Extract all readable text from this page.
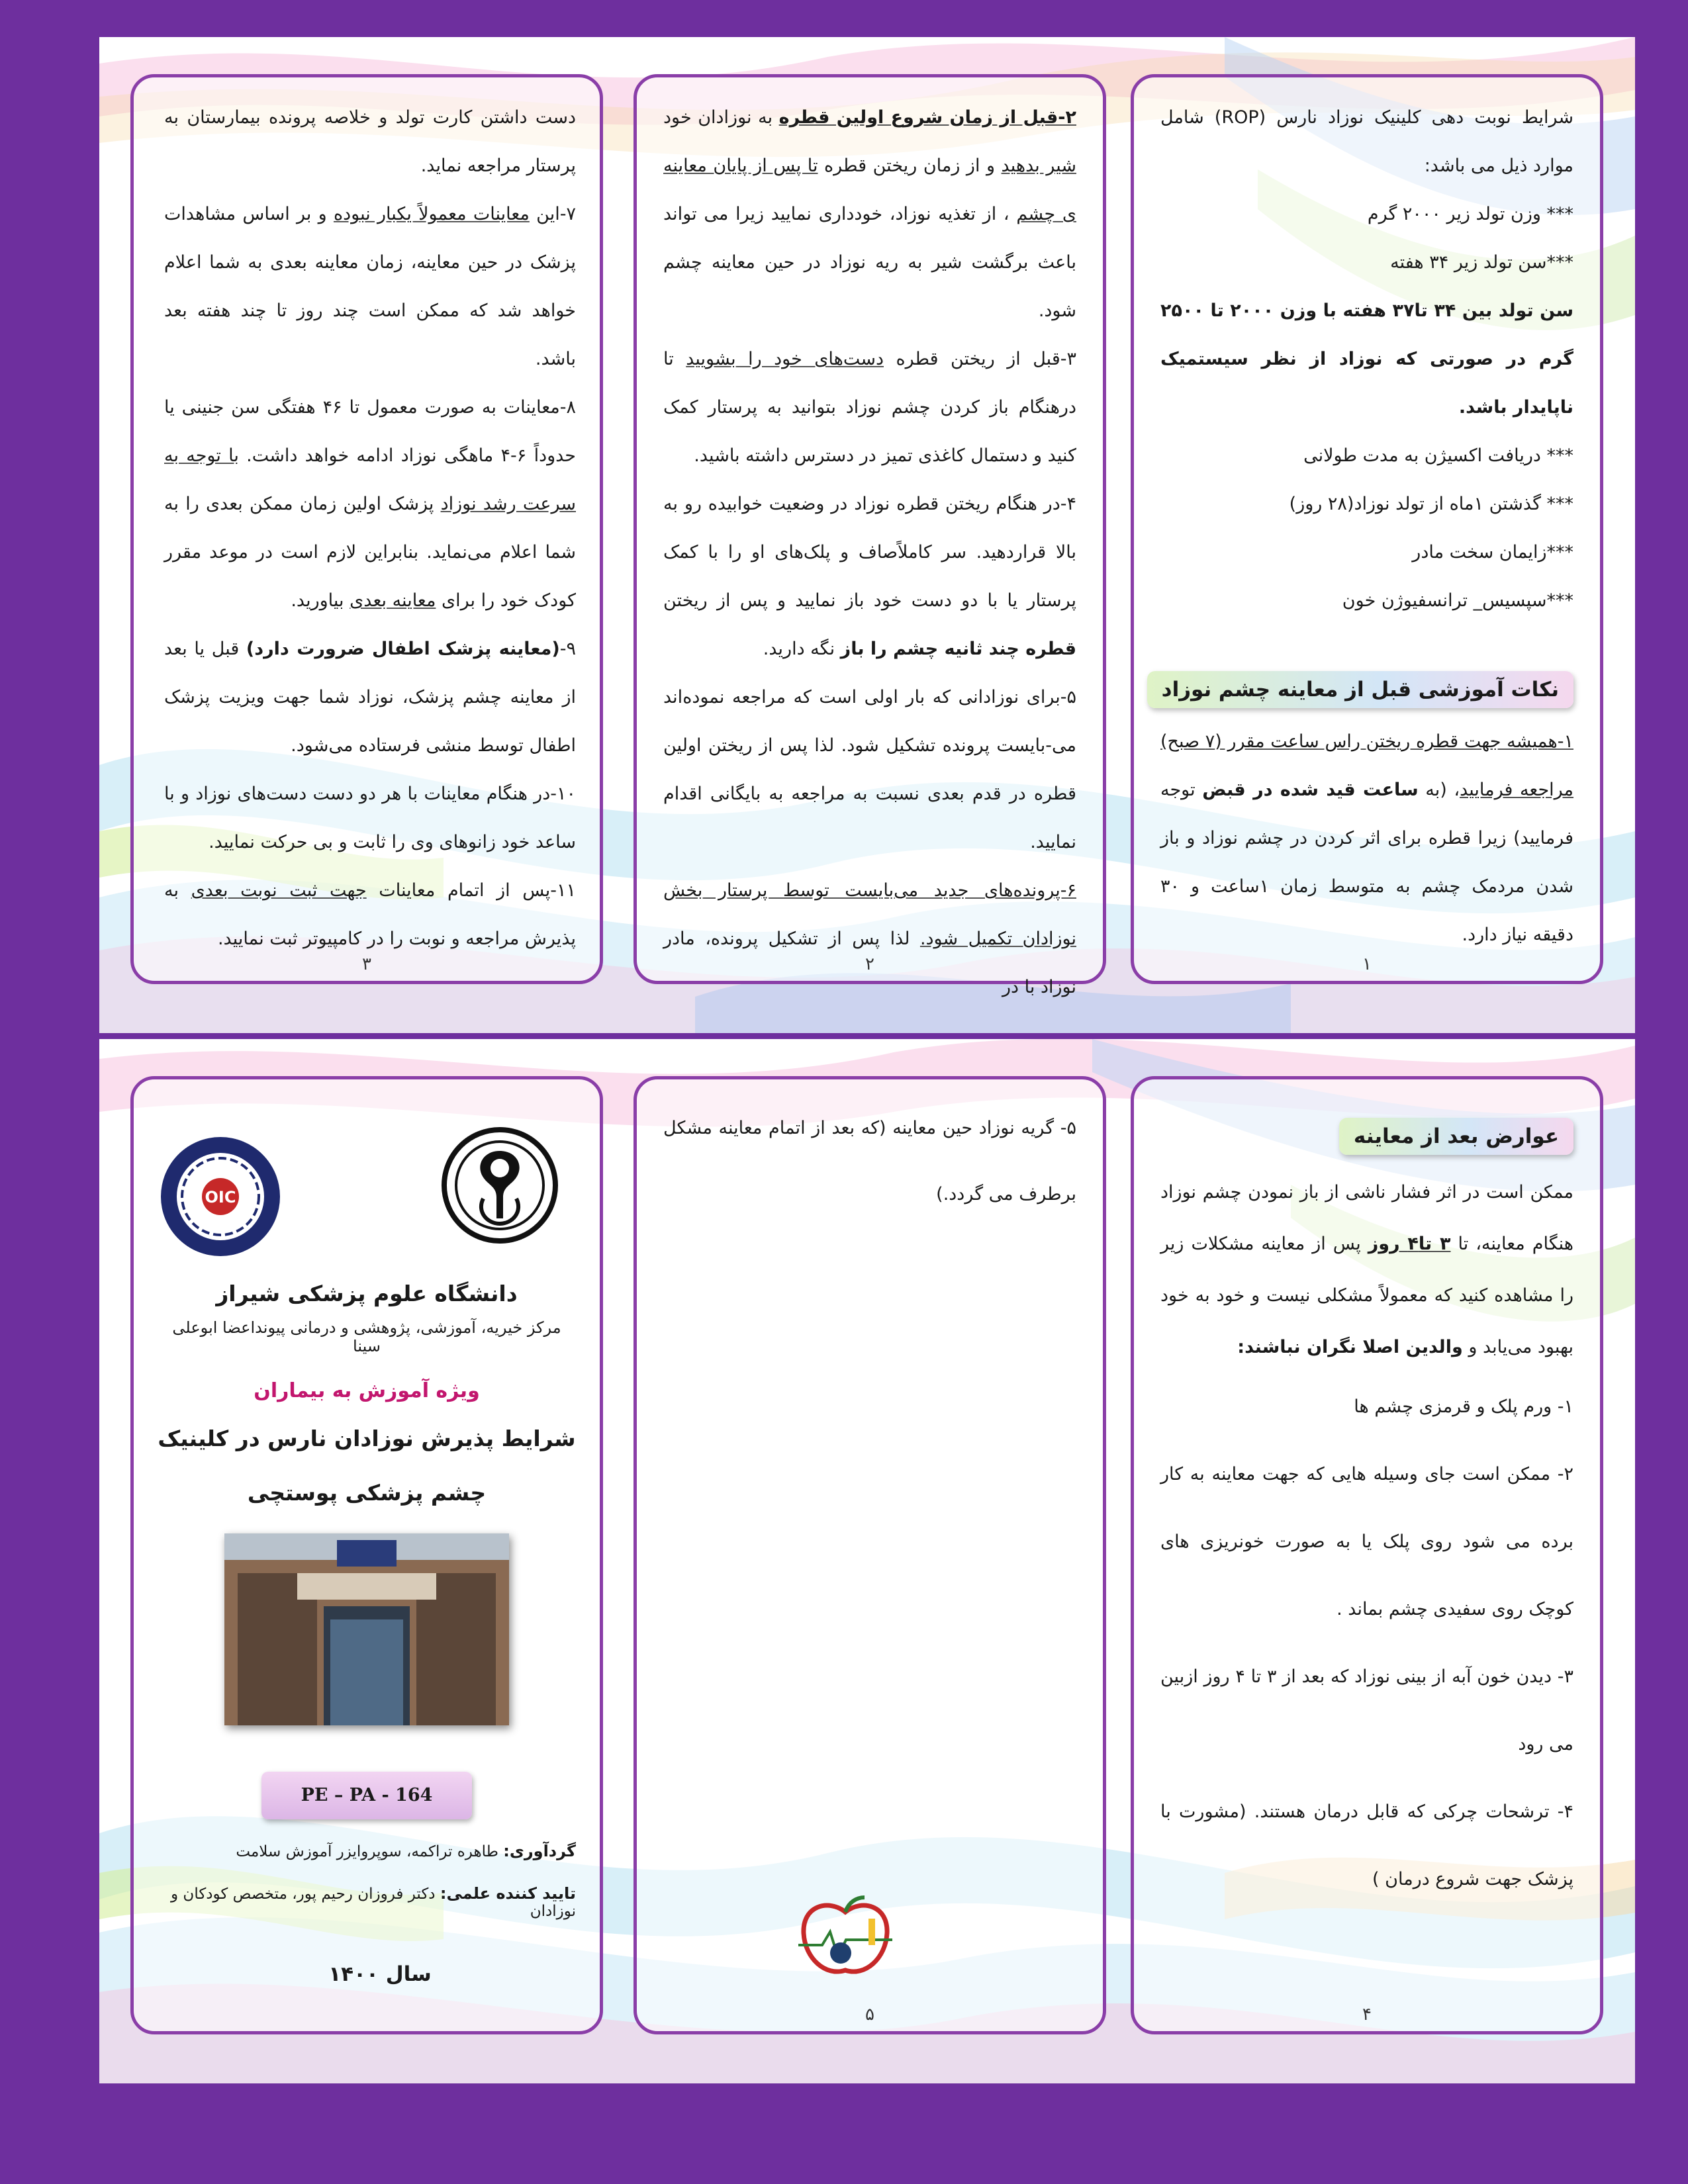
دست داشتن کارت تولد و خلاصه پرونده بیمارستان به پرستار مراجعه نماید.

۷-این معاینات معمولاً یکبار نبوده و بر اساس مشاهدات پزشک در حین معاینه، زمان معاینه بعدی به شما اعلام خواهد شد که ممکن است چند روز تا چند هفته بعد باشد.

۸-معاینات به صورت معمول تا ۴۶ هفتگی سن جنینی یا حدوداً ۶-۴ ماهگی نوزاد ادامه خواهد داشت. با توجه به سرعت رشد نوزاد پزشک اولین زمان ممکن بعدی را به شما اعلام می‌نماید. بنابراین لازم است در موعد مقرر کودک خود را برای معاینه بعدی بیاورید.

۹-(معاینه پزشک اطفال ضرورت دارد) قبل یا بعد از معاینه چشم پزشک، نوزاد شما جهت ویزیت پزشک اطفال توسط منشی فرستاده می‌شود.

۱۰-در هنگام معاینات با هر دو دست دست‌های نوزاد و با ساعد خود زانوهای وی را ثابت و بی حرکت نمایید.

۱۱-پس از اتمام معاینات جهت ثبت نوبت بعدی به پذیرش مراجعه و نوبت را در کامپیوتر ثبت نمایید.

۳

۲-قبل از زمان شروع اولین قطره به نوزادان خود شیر بدهید و از زمان ریختن قطره تا پس از پایان معاینه ی چشم ، از تغذیه نوزاد، خودداری نمایید زیرا می تواند باعث برگشت شیر به ریه نوزاد در حین معاینه چشم شود.

۳-قبل از ریختن قطره دست‌های خود را بشویید تا درهنگام باز کردن چشم نوزاد بتوانید به پرستار کمک کنید و دستمال کاغذی تمیز در دسترس داشته باشید.

۴-در هنگام ریختن قطره نوزاد در وضعیت خوابیده رو به بالا قراردهید. سر کاملاًصاف و پلک‌های او را با کمک پرستار یا با دو دست خود باز نمایید و پس از ریختن قطره چند ثانیه چشم را باز نگه دارید.

۵-برای نوزادانی که بار اولی است که مراجعه نموده‌اند می‌-بایست پرونده تشکیل شود. لذا پس از ریختن اولین قطره در قدم بعدی نسبت به مراجعه به بایگانی اقدام نمایید.

۶-پرونده‌های جدید می‌بایست توسط پرستار بخش نوزادان تکمیل شود. لذا پس از تشکیل پرونده، مادر نوزاد با در

۲

شرایط نوبت دهی کلینیک نوزاد نارس (ROP) شامل موارد ذیل می باشد:

*** وزن تولد زیر ۲۰۰۰ گرم

***سن تولد زیر ۳۴ هفته

سن تولد بین ۳۴ تا۳۷ هفته با وزن ۲۰۰۰ تا ۲۵۰۰ گرم در صورتی که نوزاد از نظر سیستمیک ناپایدار باشد.

*** دریافت اکسیژن به مدت طولانی

*** گذشتن ۱ماه از تولد نوزاد(۲۸ روز)

***زایمان سخت مادر

***سپسیس_ ترانسفیوژن خون

نکات آموزشی قبل از معاینه چشم نوزاد

۱-همیشه جهت قطره ریختن راس ساعت مقرر (۷ صبح) مراجعه فرمایید، (به ساعت قید شده در قبض توجه فرمایید) زیرا قطره برای اثر کردن در چشم نوزاد و باز شدن مردمک چشم به متوسط زمان ۱ساعت و ۳۰ دقیقه نیاز دارد.

۱
OIC
دانشگاه علوم پزشکی شیراز
مرکز خیریه، آموزشی، پژوهشی و درمانی پیونداعضا ابوعلی سینا
ویژه آموزش به بیماران
شرایط پذیرش نوزادان نارس در کلینیک
چشم پزشکی پوستچی
PE – PA - 164
گردآوری: طاهره تراکمه، سوپروایزر آموزش سلامت
تایید کننده علمی: دکتر فروزان رحیم پور، متخصص کودکان و نوزادان
سال ۱۴۰۰

۵- گریه نوزاد حین معاینه (که بعد از اتمام معاینه مشکل برطرف می گردد.)

۵
عوارض بعد از معاینه

ممکن است در اثر فشار ناشی از باز نمودن چشم نوزاد هنگام معاینه، تا ۳ تا۴ روز پس از معاینه مشکلات زیر را مشاهده کنید که معمولاً مشکلی نیست و خود به خود بهبود می‌یابد و والدین اصلا نگران نباشند:

۱- ورم پلک و قرمزی چشم ها

۲- ممکن است جای وسیله هایی که جهت معاینه به کار برده می شود روی پلک یا به صورت خونریزی های کوچک روی سفیدی چشم بماند .

۳- دیدن خون آبه از بینی نوزاد که بعد از ۳ تا ۴ روز ازبین می رود

۴- ترشحات چرکی که قابل درمان هستند. (مشورت با پزشک جهت شروع درمان )

۴
